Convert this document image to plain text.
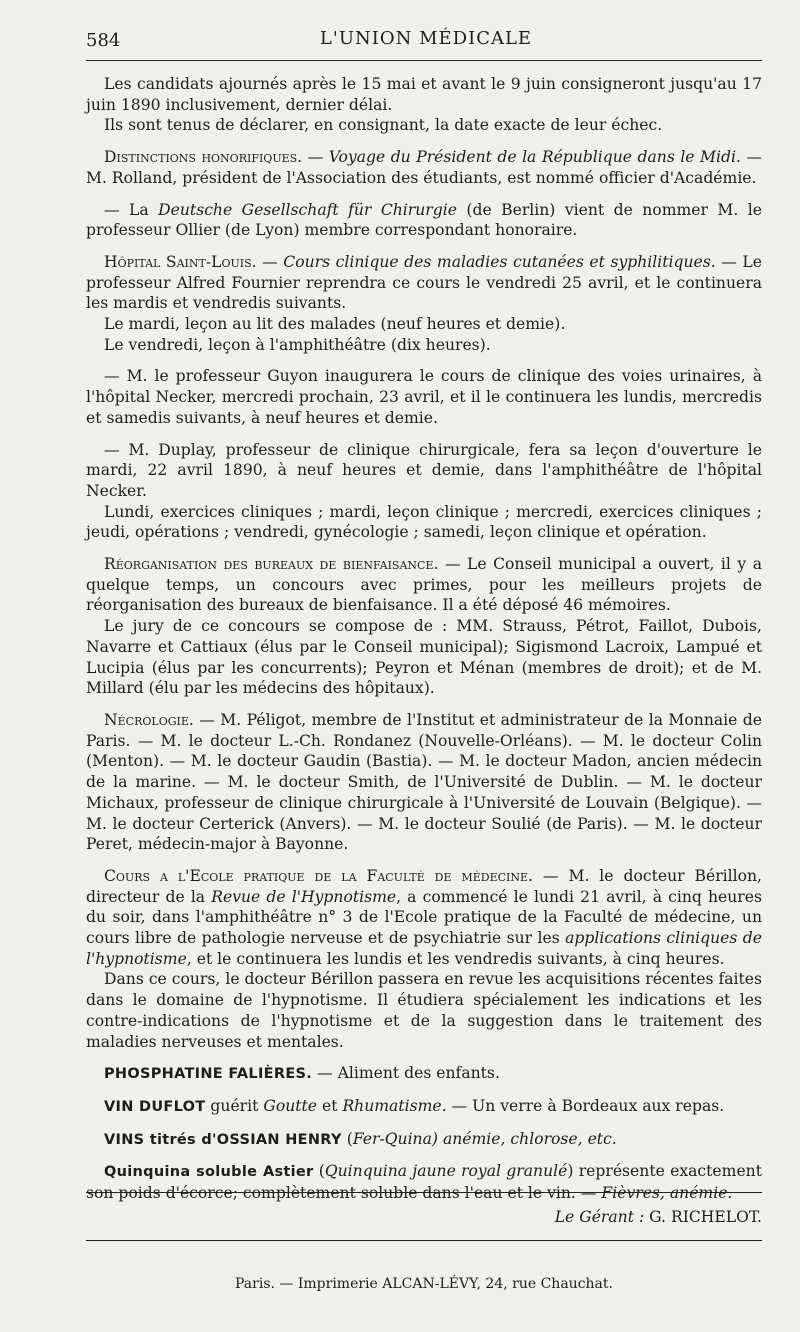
584	L'UNION MÉDICALE

Les candidats ajournés après le 15 mai et avant le 9 juin consigneront jusqu'au 17 juin 1890 inclusivement, dernier délai.

Ils sont tenus de déclarer, en consignant, la date exacte de leur échec.

Distinctions honorifiques. — Voyage du Président de la République dans le Midi. — M. Rolland, président de l'Association des étudiants, est nommé officier d'Académie.

— La Deutsche Gesellschaft für Chirurgie (de Berlin) vient de nommer M. le professeur Ollier (de Lyon) membre correspondant honoraire.

Hôpital Saint-Louis. — Cours clinique des maladies cutanées et syphilitiques. — Le professeur Alfred Fournier reprendra ce cours le vendredi 25 avril, et le continuera les mardis et vendredis suivants.

Le mardi, leçon au lit des malades (neuf heures et demie).

Le vendredi, leçon à l'amphithéâtre (dix heures).

— M. le professeur Guyon inaugurera le cours de clinique des voies urinaires, à l'hôpital Necker, mercredi prochain, 23 avril, et il le continuera les lundis, mercredis et samedis suivants, à neuf heures et demie.

— M. Duplay, professeur de clinique chirurgicale, fera sa leçon d'ouverture le mardi, 22 avril 1890, à neuf heures et demie, dans l'amphithéâtre de l'hôpital Necker.

Lundi, exercices cliniques ; mardi, leçon clinique ; mercredi, exercices cliniques ; jeudi, opérations ; vendredi, gynécologie ; samedi, leçon clinique et opération.

Réorganisation des bureaux de bienfaisance. — Le Conseil municipal a ouvert, il y a quelque temps, un concours avec primes, pour les meilleurs projets de réorganisation des bureaux de bienfaisance. Il a été déposé 46 mémoires.

Le jury de ce concours se compose de : MM. Strauss, Pétrot, Faillot, Dubois, Navarre et Cattiaux (élus par le Conseil municipal); Sigismond Lacroix, Lampué et Lucipia (élus par les concurrents); Peyron et Ménan (membres de droit); et de M. Millard (élu par les médecins des hôpitaux).

Nécrologie. — M. Péligot, membre de l'Institut et administrateur de la Monnaie de Paris. — M. le docteur L.-Ch. Rondanez (Nouvelle-Orléans). — M. le docteur Colin (Menton). — M. le docteur Gaudin (Bastia). — M. le docteur Madon, ancien médecin de la marine. — M. le docteur Smith, de l'Université de Dublin. — M. le docteur Michaux, professeur de clinique chirurgicale à l'Université de Louvain (Belgique). — M. le docteur Certerick (Anvers). — M. le docteur Soulié (de Paris). — M. le docteur Peret, médecin-major à Bayonne.

Cours a l'Ecole pratique de la Faculté de médecine. — M. le docteur Bérillon, directeur de la Revue de l'Hypnotisme, a commencé le lundi 21 avril, à cinq heures du soir, dans l'amphithéâtre n° 3 de l'Ecole pratique de la Faculté de médecine, un cours libre de pathologie nerveuse et de psychiatrie sur les applications cliniques de l'hypnotisme, et le continuera les lundis et les vendredis suivants, à cinq heures.

Dans ce cours, le docteur Bérillon passera en revue les acquisitions récentes faites dans le domaine de l'hypnotisme. Il étudiera spécialement les indications et les contre-indications de l'hypnotisme et de la suggestion dans le traitement des maladies nerveuses et mentales.

PHOSPHATINE FALIÈRES. — Aliment des enfants.

VIN DUFLOT guérit Goutte et Rhumatisme. — Un verre à Bordeaux aux repas.

VINS titrés d'OSSIAN HENRY (Fer-Quina) anémie, chlorose, etc.

Quinquina soluble Astier (Quinquina jaune royal granulé) représente exactement son poids d'écorce; complètement soluble dans l'eau et le vin. — Fièvres, anémie.

Le Gérant : G. RICHELOT.
Paris. — Imprimerie ALCAN-LÉVY, 24, rue Chauchat.
